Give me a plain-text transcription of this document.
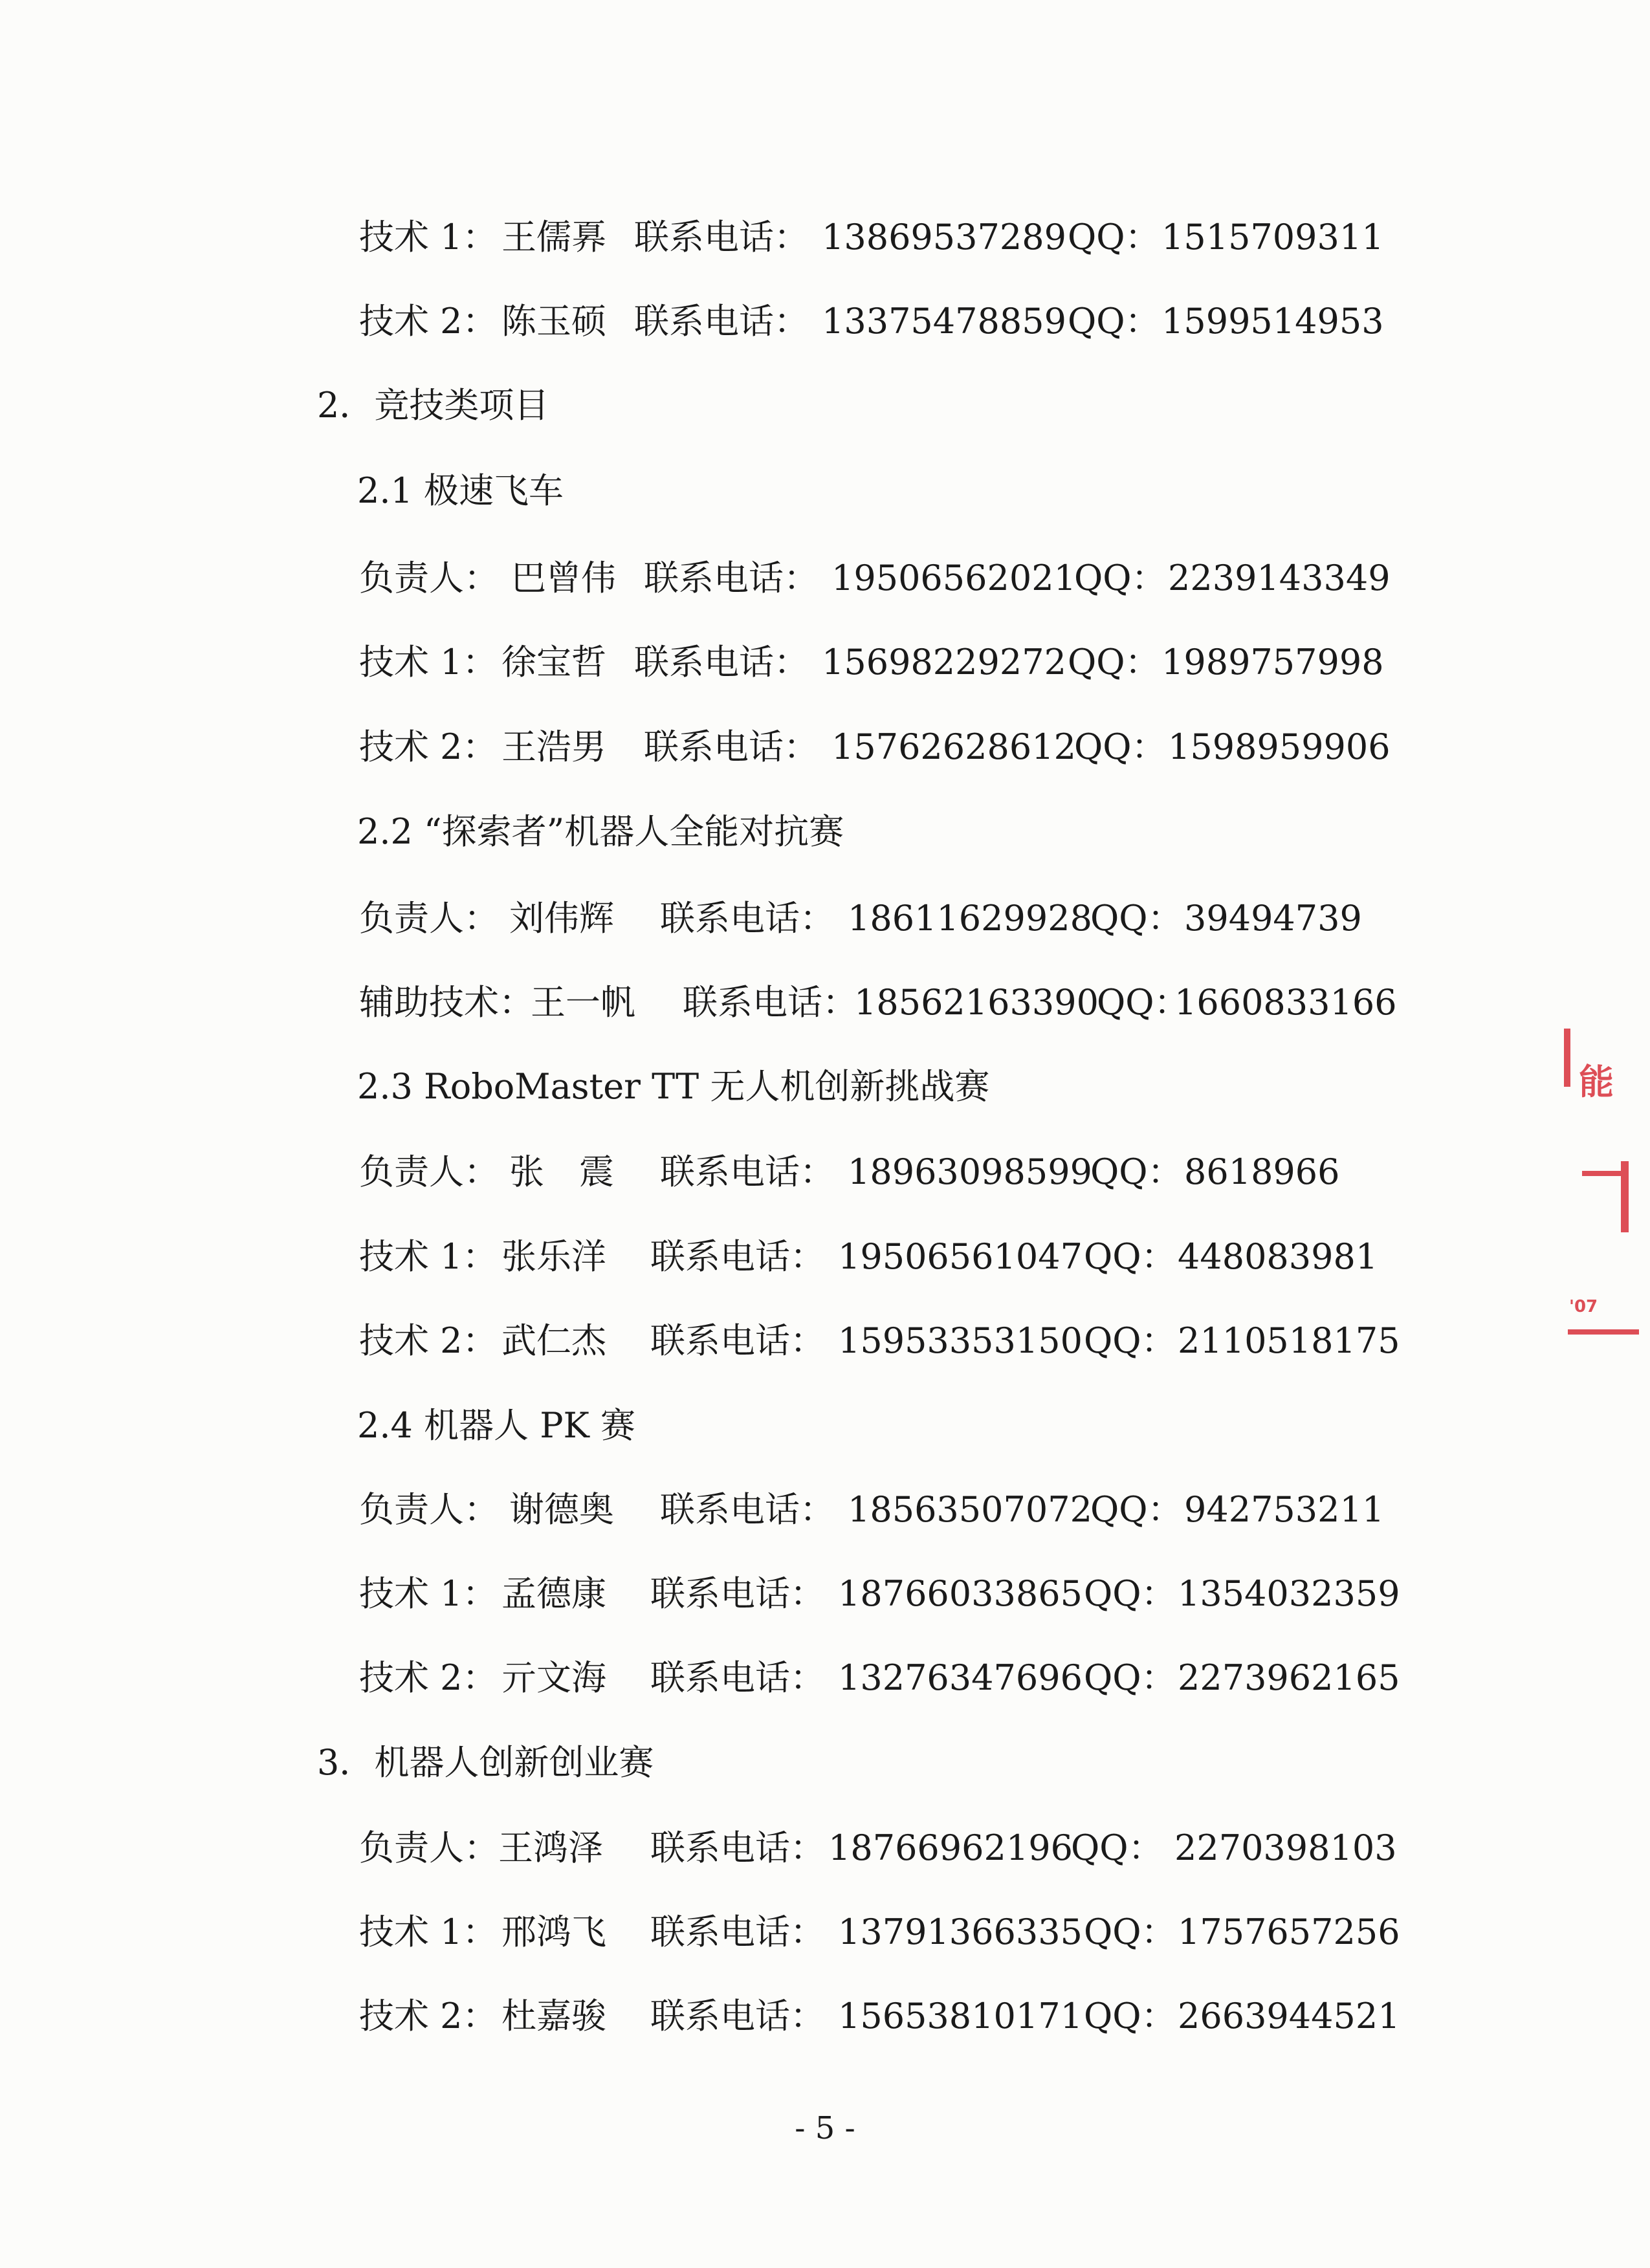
技术 1： 王儒奡 联系电话： 13869537289 QQ： 1515709311
技术 2： 陈玉硕 联系电话： 13375478859 QQ： 1599514953
2．竞技类项目
2.1 极速飞车
负责人： 巴曾伟 联系电话： 19506562021
QQ： 2239143349
技术 1： 徐宝哲 联系电话： 15698229272 QQ： 1989757998
技术 2： 王浩男 联系电话： 15762628612
QQ： 1598959906
2.2 “探索者”机器人全能对抗赛
负责人： 刘伟辉 联系电话： 18611629928
QQ： 39494739
辅助技术：
王一帆 联系电话：
18562163390
QQ：
1660833166
2.3 RoboMaster TT 无人机创新挑战赛
负责人： 张　震 联系电话： 18963098599
QQ： 8618966
技术 1： 张乐洋 联系电话： 19506561047 QQ： 448083981
技术 2： 武仁杰 联系电话： 15953353150 QQ： 2110518175
2.4 机器人 PK 赛
负责人： 谢德奥 联系电话： 18563507072
QQ： 942753211
技术 1： 孟德康 联系电话： 18766033865 QQ： 1354032359
技术 2： 亓文海 联系电话： 13276347696 QQ： 2273962165
3．机器人创新创业赛
负责人： 王鸿泽 联系电话： 18766962196
QQ： 2270398103
技术 1： 邢鸿飞 联系电话： 13791366335 QQ： 1757657256
技术 2： 杜嘉骏 联系电话： 15653810171 QQ： 2663944521
能
'07
- 5 -
